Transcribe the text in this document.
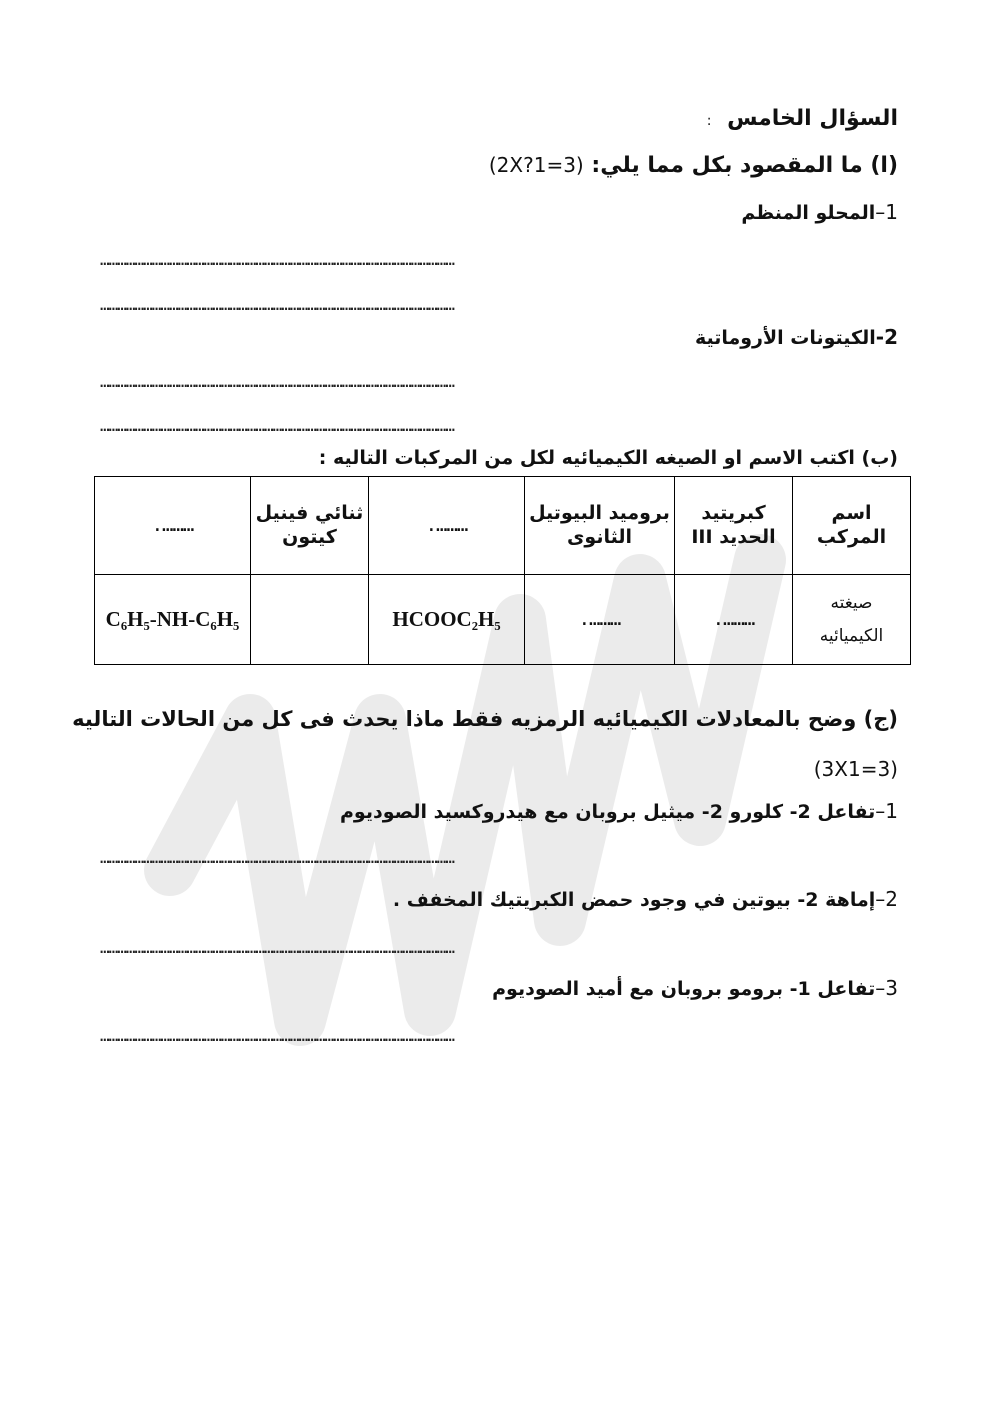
السؤال الخامس :
(ا) ما المقصود بكل مما يلي: (2X?1=3)
1–المحلو المنظم
……………………………………………………………………………………………………………
……………………………………………………………………………………………………………
2-الكيتونات الأروماتية
……………………………………………………………………………………………………………
……………………………………………………………………………………………………………
(ب) اكتب الاسم او الصيغه الكيميائيه لكل من المركبات التاليه :
اسم المركب	كبريتيد الحديد III	بروميد البيوتيل الثانوى	……….	ثنائي فينيل كيتون	……….
صيغته الكيميائيه	……….	……….	HCOOC₂H₅		C₆H₅-NH-C₆H₅
(ج) وضح بالمعادلات الكيميائيه الرمزيه فقط ماذا يحدث فى كل من الحالات التاليه
(3X1=3)
1–تفاعل 2- كلورو 2- ميثيل بروبان مع هيدروكسيد الصوديوم
……………………………………………………………………………………………………………
2–إماهة 2- بيوتين في وجود حمض الكبريتيك المخفف .
……………………………………………………………………………………………………………
3–تفاعل 1- برومو بروبان مع أميد الصوديوم
……………………………………………………………………………………………………………
